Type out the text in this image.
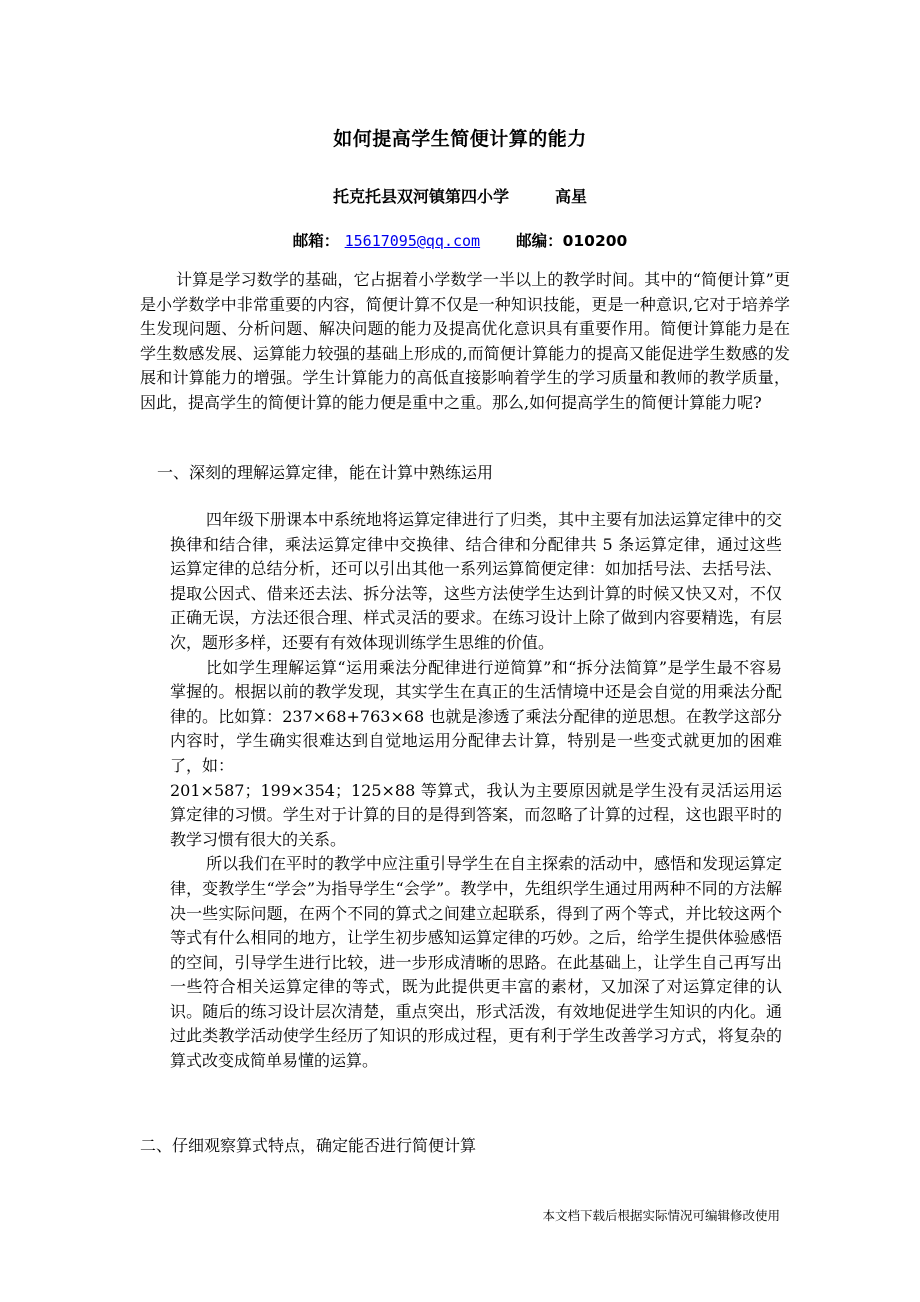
如何提高学生简便计算的能力
托克托县双河镇第四小学	高星
邮箱： 15617095@qq.com 邮编：010200

计算是学习数学的基础，它占据着小学数学一半以上的教学时间。其中的“简便计算”更是小学数学中非常重要的内容，简便计算不仅是一种知识技能，更是一种意识,它对于培养学生发现问题、分析问题、解决问题的能力及提高优化意识具有重要作用。简便计算能力是在学生数感发展、运算能力较强的基础上形成的,而简便计算能力的提高又能促进学生数感的发展和计算能力的增强。学生计算能力的高低直接影响着学生的学习质量和教师的教学质量，因此，提高学生的简便计算的能力便是重中之重。那么,如何提高学生的简便计算能力呢?

一、深刻的理解运算定律，能在计算中熟练运用

四年级下册课本中系统地将运算定律进行了归类，其中主要有加法运算定律中的交换律和结合律，乘法运算定律中交换律、结合律和分配律共 5 条运算定律，通过这些运算定律的总结分析，还可以引出其他一系列运算简便定律：如加括号法、去括号法、提取公因式、借来还去法、拆分法等，这些方法使学生达到计算的时候又快又对，不仅正确无误，方法还很合理、样式灵活的要求。在练习设计上除了做到内容要精选，有层次，题形多样，还要有有效体现训练学生思维的价值。

比如学生理解运算“运用乘法分配律进行逆简算”和“拆分法简算”是学生最不容易掌握的。根据以前的教学发现，其实学生在真正的生活情境中还是会自觉的用乘法分配律的。比如算：237×68+763×68 也就是渗透了乘法分配律的逆思想。在教学这部分内容时，学生确实很难达到自觉地运用分配律去计算，特别是一些变式就更加的困难了，如：

201×587；199×354；125×88 等算式，我认为主要原因就是学生没有灵活运用运算定律的习惯。学生对于计算的目的是得到答案，而忽略了计算的过程，这也跟平时的教学习惯有很大的关系。

所以我们在平时的教学中应注重引导学生在自主探索的活动中，感悟和发现运算定律，变教学生“学会”为指导学生“会学”。教学中，先组织学生通过用两种不同的方法解决一些实际问题，在两个不同的算式之间建立起联系，得到了两个等式，并比较这两个等式有什么相同的地方，让学生初步感知运算定律的巧妙。之后，给学生提供体验感悟的空间，引导学生进行比较，进一步形成清晰的思路。在此基础上，让学生自己再写出一些符合相关运算定律的等式，既为此提供更丰富的素材，又加深了对运算定律的认识。随后的练习设计层次清楚，重点突出，形式活泼，有效地促进学生知识的内化。通过此类教学活动使学生经历了知识的形成过程，更有利于学生改善学习方式，将复杂的算式改变成简单易懂的运算。

二、仔细观察算式特点，确定能否进行简便计算

本文档下载后根据实际情况可编辑修改使用
